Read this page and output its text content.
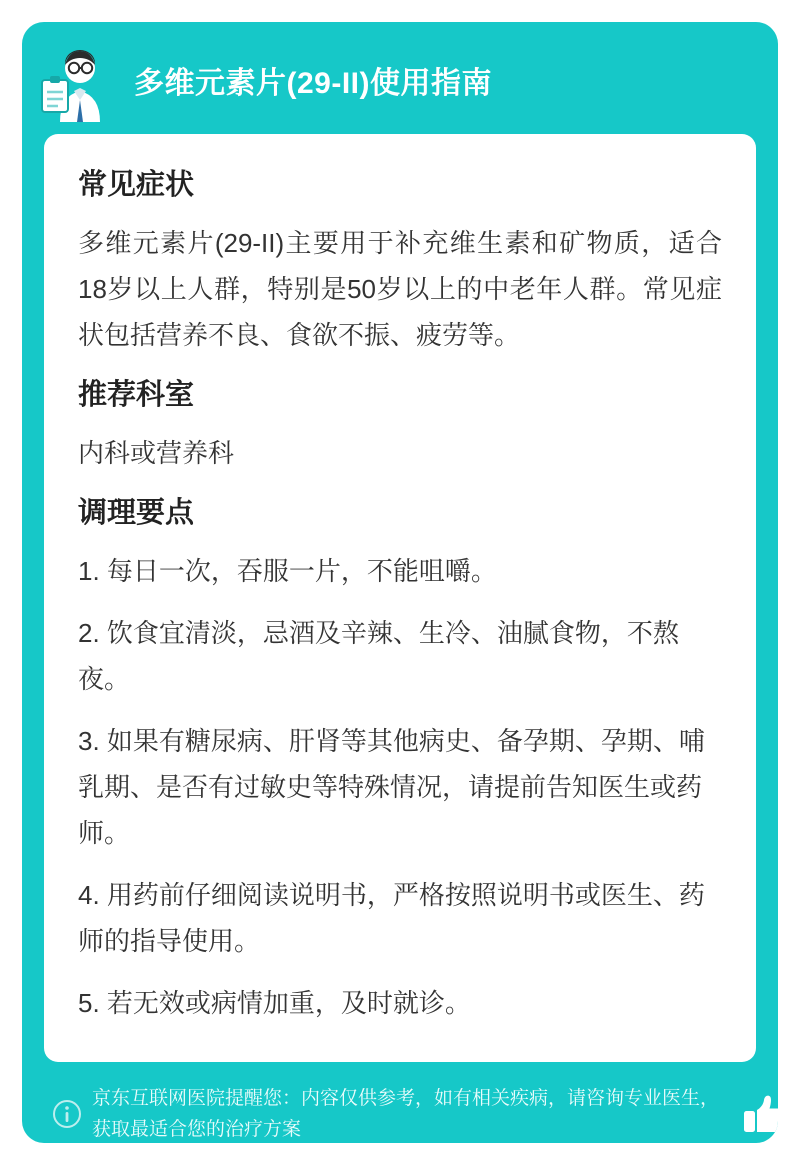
多维元素片(29-II)使用指南
常见症状

多维元素片(29-II)主要用于补充维生素和矿物质，适合18岁以上人群，特别是50岁以上的中老年人群。常见症状包括营养不良、食欲不振、疲劳等。

推荐科室

内科或营养科

调理要点

1. 每日一次，吞服一片，不能咀嚼。

2. 饮食宜清淡，忌酒及辛辣、生冷、油腻食物，不熬夜。

3. 如果有糖尿病、肝肾等其他病史、备孕期、孕期、哺乳期、是否有过敏史等特殊情况，请提前告知医生或药师。

4. 用药前仔细阅读说明书，严格按照说明书或医生、药师的指导使用。

5. 若无效或病情加重，及时就诊。

京东互联网医院提醒您：内容仅供参考，如有相关疾病，请咨询专业医生，获取最适合您的治疗方案
